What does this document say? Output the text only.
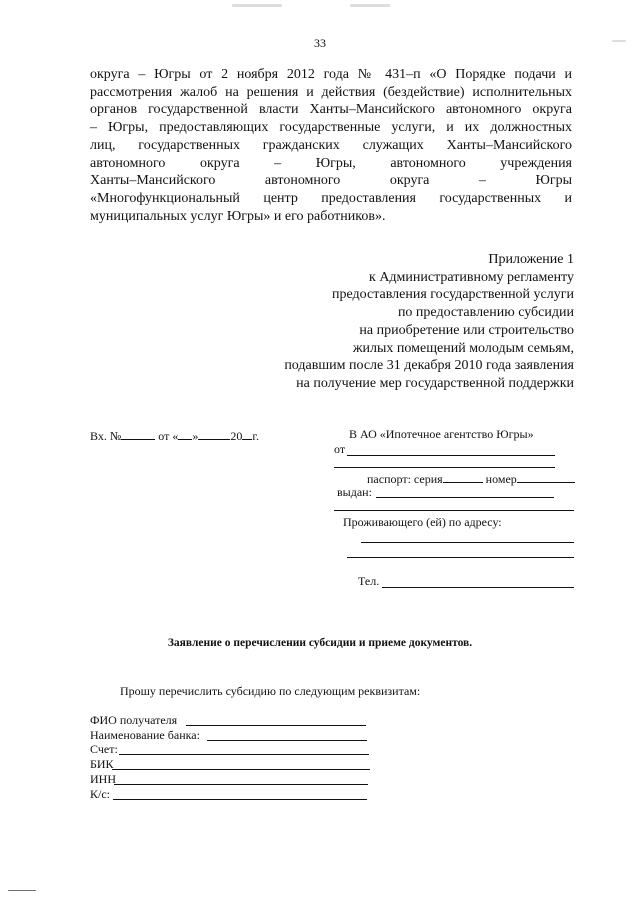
33
округа – Югры от 2 ноября 2012 года № 431–п «О Порядке подачи и
рассмотрения жалоб на решения и действия (бездействие) исполнительных
органов государственной власти Ханты–Мансийского автономного округа
– Югры, предоставляющих государственные услуги, и их должностных
лиц, государственных гражданских служащих Ханты–Мансийского
автономного округа – Югры, автономного учреждения
Ханты–Мансийского автономного округа – Югры
«Многофункциональный центр предоставления государственных и
муниципальных услуг Югры» и его работников».
Приложение 1
к Административному регламенту
предоставления государственной услуги
по предоставлению субсидии
на приобретение или строительство
жилых помещений молодым семьям,
подавшим после 31 декабря 2010 года заявления
на получение мер государственной поддержки
Вх. №	от « »	20 г.	В АО «Ипотечное агентство Югры»
от
паспорт: серия	номер
выдан:
Проживающего (ей) по адресу:
Тел.
Заявление о перечислении субсидии и приеме документов.
Прошу перечислить субсидию по следующим реквизитам:
ФИО получателя
Наименование банка:
Счет:
БИК
ИНН
К/с:
